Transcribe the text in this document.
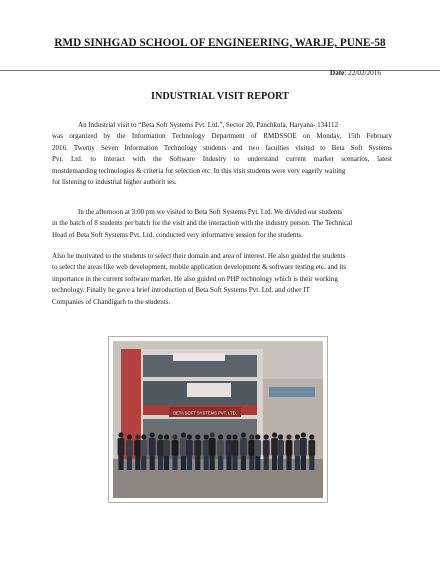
RMD SINHGAD SCHOOL OF ENGINEERING, WARJE, PUNE-58
Date: 22/02/2016
INDUSTRIAL VISIT REPORT
An Industrial visit to “Beta Soft Systems Pvt. Ltd.”, Sector 20, Panchkula, Haryana- 134112
was organized by the Information Technology Department of RMDSSOE on Monday, 15th February
2016. Twenty Seven Information Technology students and two faculties visited to Beta Soft Systems
Pvt. Ltd. to interact with the Software Industry to understand current market scenarios, latest
mostdemanding technologies & criteria for selection etc. In this visit students were very eagerly waiting
for listening to industrial higher authorit ies.
In the afternoon at 3:00 pm we visited to Beta Soft Systems Pvt. Ltd. We divided our students
in the batch of 8 students per batch for the visit and the interaction with the industry person. The Technical
Head of Beta Soft Systems Pvt. Ltd. conducted very informative session for the students.
Also he motivated to the students to select their domain and area of interest. He also guided the students
to select the areas like web development, mobile application development & software testing etc. and its
importance in the current software market. He also guided on PHP technology which is their working
technology. Finally he gave a brief introduction of Beta Soft Systems Pvt. Ltd. and other IT
Companies of Chandigarh to the students.
BETA SOFT SYSTEMS PVT. LTD.
